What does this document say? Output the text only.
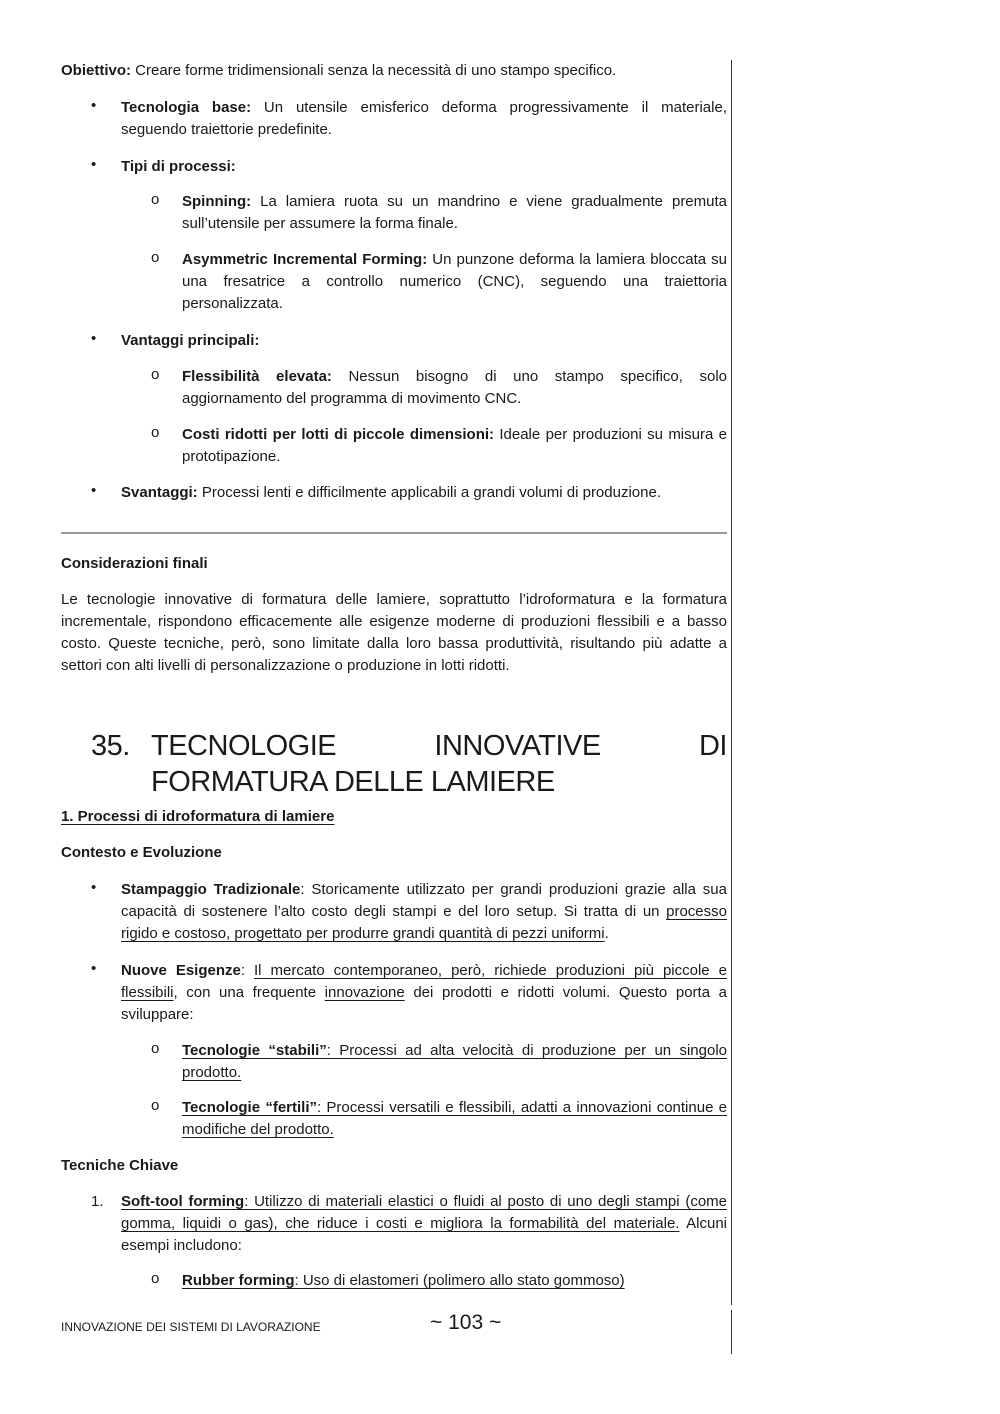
Obiettivo: Creare forme tridimensionali senza la necessità di uno stampo specifico.
• Tecnologia base: Un utensile emisferico deforma progressivamente il materiale, seguendo traiettorie predefinite.
• Tipi di processi:
o Spinning: La lamiera ruota su un mandrino e viene gradualmente premuta sull’utensile per assumere la forma finale.
o Asymmetric Incremental Forming: Un punzone deforma la lamiera bloccata su una fresatrice a controllo numerico (CNC), seguendo una traiettoria personalizzata.
• Vantaggi principali:
o Flessibilità elevata: Nessun bisogno di uno stampo specifico, solo aggiornamento del programma di movimento CNC.
o Costi ridotti per lotti di piccole dimensioni: Ideale per produzioni su misura e prototipazione.
• Svantaggi: Processi lenti e difficilmente applicabili a grandi volumi di produzione.
Considerazioni finali
Le tecnologie innovative di formatura delle lamiere, soprattutto l’idroformatura e la formatura incrementale, rispondono efficacemente alle esigenze moderne di produzioni flessibili e a basso costo. Queste tecniche, però, sono limitate dalla loro bassa produttività, risultando più adatte a settori con alti livelli di personalizzazione o produzione in lotti ridotti.
35. TECNOLOGIE INNOVATIVE DI FORMATURA DELLE LAMIERE
1. Processi di idroformatura di lamiere
Contesto e Evoluzione
• Stampaggio Tradizionale: Storicamente utilizzato per grandi produzioni grazie alla sua capacità di sostenere l’alto costo degli stampi e del loro setup. Si tratta di un processo rigido e costoso, progettato per produrre grandi quantità di pezzi uniformi.
• Nuove Esigenze: Il mercato contemporaneo, però, richiede produzioni più piccole e flessibili, con una frequente innovazione dei prodotti e ridotti volumi. Questo porta a sviluppare:
o Tecnologie “stabili”: Processi ad alta velocità di produzione per un singolo prodotto.
o Tecnologie “fertili”: Processi versatili e flessibili, adatti a innovazioni continue e modifiche del prodotto.
Tecniche Chiave
1. Soft-tool forming: Utilizzo di materiali elastici o fluidi al posto di uno degli stampi (come gomma, liquidi o gas), che riduce i costi e migliora la formabilità del materiale. Alcuni esempi includono:
o Rubber forming: Uso di elastomeri (polimero allo stato gommoso)
INNOVAZIONE DEI SISTEMI DI LAVORAZIONE	~ 103 ~
